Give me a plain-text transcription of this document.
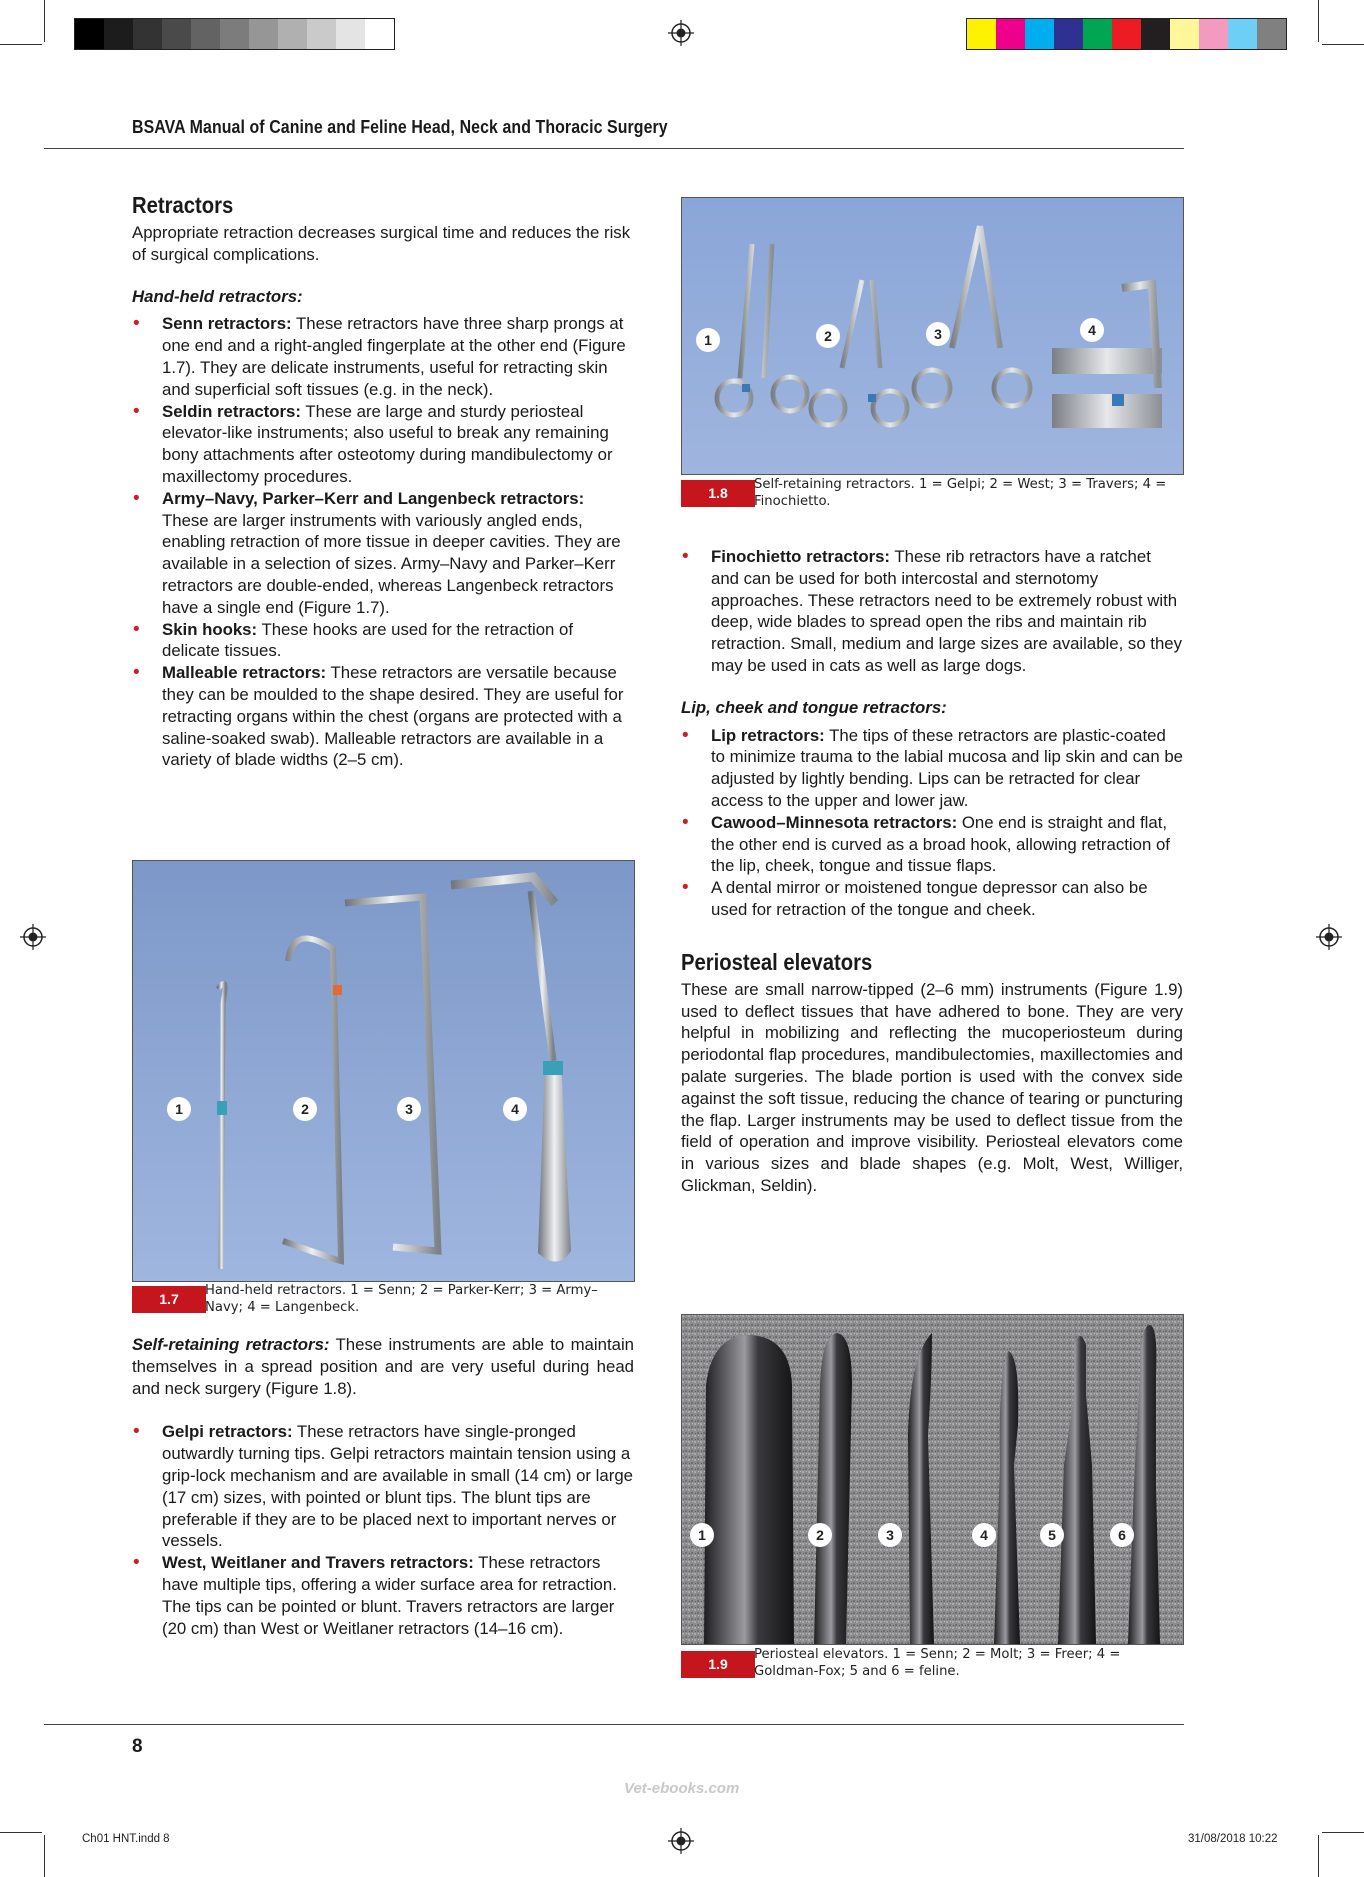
BSAVA Manual of Canine and Feline Head, Neck and Thoracic Surgery
Retractors

Appropriate retraction decreases surgical time and reduces the risk of surgical complications.

Hand-held retractors:

• Senn retractors: These retractors have three sharp prongs at one end and a right-angled fingerplate at the other end (Figure 1.7). They are delicate instruments, useful for retracting skin and superficial soft tissues (e.g. in the neck).
• Seldin retractors: These are large and sturdy periosteal elevator-like instruments; also useful to break any remaining bony attachments after osteotomy during mandibulectomy or maxillectomy procedures.
• Army–Navy, Parker–Kerr and Langenbeck retractors: These are larger instruments with variously angled ends, enabling retraction of more tissue in deeper cavities. They are available in a selection of sizes. Army–Navy and Parker–Kerr retractors are double-ended, whereas Langenbeck retractors have a single end (Figure 1.7).
• Skin hooks: These hooks are used for the retraction of delicate tissues.
• Malleable retractors: These retractors are versatile because they can be moulded to the shape desired. They are useful for retracting organs within the chest (organs are protected with a saline-soaked swab). Malleable retractors are available in a variety of blade widths (2–5 cm).
1	2	3	4
1.7
Hand-held retractors. 1 = Senn; 2 = Parker-Kerr; 3 = Army–Navy; 4 = Langenbeck.

Self-retaining retractors: These instruments are able to maintain themselves in a spread position and are very useful during head and neck surgery (Figure 1.8).

• Gelpi retractors: These retractors have single-pronged outwardly turning tips. Gelpi retractors maintain tension using a grip-lock mechanism and are available in small (14 cm) or large (17 cm) sizes, with pointed or blunt tips. The blunt tips are preferable if they are to be placed next to important nerves or vessels.
• West, Weitlaner and Travers retractors: These retractors have multiple tips, offering a wider surface area for retraction. The tips can be pointed or blunt. Travers retractors are larger (20 cm) than West or Weitlaner retractors (14–16 cm).
1	2	3	4
1.8
Self-retaining retractors. 1 = Gelpi; 2 = West; 3 = Travers; 4 = Finochietto.
• Finochietto retractors: These rib retractors have a ratchet and can be used for both intercostal and sternotomy approaches. These retractors need to be extremely robust with deep, wide blades to spread open the ribs and maintain rib retraction. Small, medium and large sizes are available, so they may be used in cats as well as large dogs.

Lip, cheek and tongue retractors:

• Lip retractors: The tips of these retractors are plastic-coated to minimize trauma to the labial mucosa and lip skin and can be adjusted by lightly bending. Lips can be retracted for clear access to the upper and lower jaw.
• Cawood–Minnesota retractors: One end is straight and flat, the other end is curved as a broad hook, allowing retraction of the lip, cheek, tongue and tissue flaps.
• A dental mirror or moistened tongue depressor can also be used for retraction of the tongue and cheek.
Periosteal elevators

These are small narrow-tipped (2–6 mm) instruments (Figure 1.9) used to deflect tissues that have adhered to bone. They are very helpful in mobilizing and reflecting the mucoperiosteum during periodontal flap procedures, mandibulectomies, maxillectomies and palate surgeries. The blade portion is used with the convex side against the soft tissue, reducing the chance of tearing or puncturing the flap. Larger instruments may be used to deflect tissue from the field of operation and improve visibility. Periosteal elevators come in various sizes and blade shapes (e.g. Molt, West, Williger, Glickman, Seldin).

1	2	3	4	5	6
1.9
Periosteal elevators. 1 = Senn; 2 = Molt; 3 = Freer; 4 = Goldman-Fox; 5 and 6 = feline.
8
Vet-ebooks.com
Ch01 HNT.indd 8	31/08/2018 10:22
